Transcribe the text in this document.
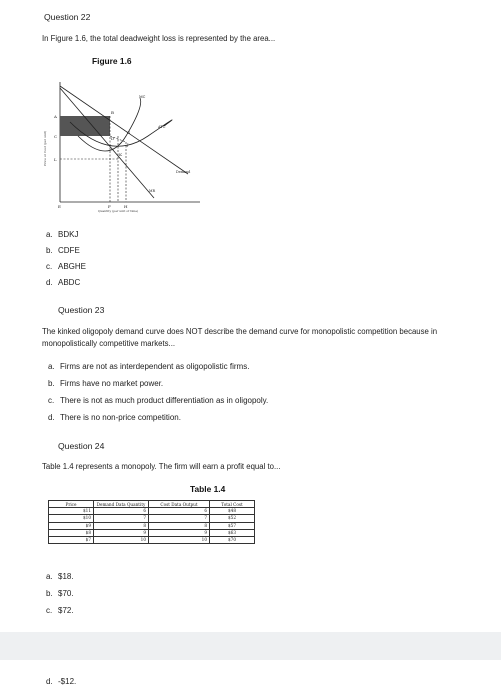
Question 22
In Figure 1.6, the total deadweight loss is represented by the area...
Figure 1.6
Price or Cost (per unit)
Quantity (per unit of time)
MC
ATC
Demand
MR
A
C
L
B
D
G
K
J
E	F	H
a. BDKJ
b. CDFE
c. ABGHE
d. ABDC
Question 23
The kinked oligopoly demand curve does NOT describe the demand curve for monopolistic competition because in
monopolistically competitive markets...
a. Firms are not as interdependent as oligopolistic firms.
b. Firms have no market power.
c. There is not as much product differentiation as in oligopoly.
d. There is no non-price competition.
Question 24
Table 1.4 represents a monopoly. The firm will earn a profit equal to...
Table 1.4
Price	Demand Data Quantity	Cost Data Output	Total Cost
$11	6	6	$48
$10	7	7	$52
$9	8	8	$57
$8	9	9	$63
$7	10	10	$70
a. $18.
b. $70.
c. $72.
d. -$12.
